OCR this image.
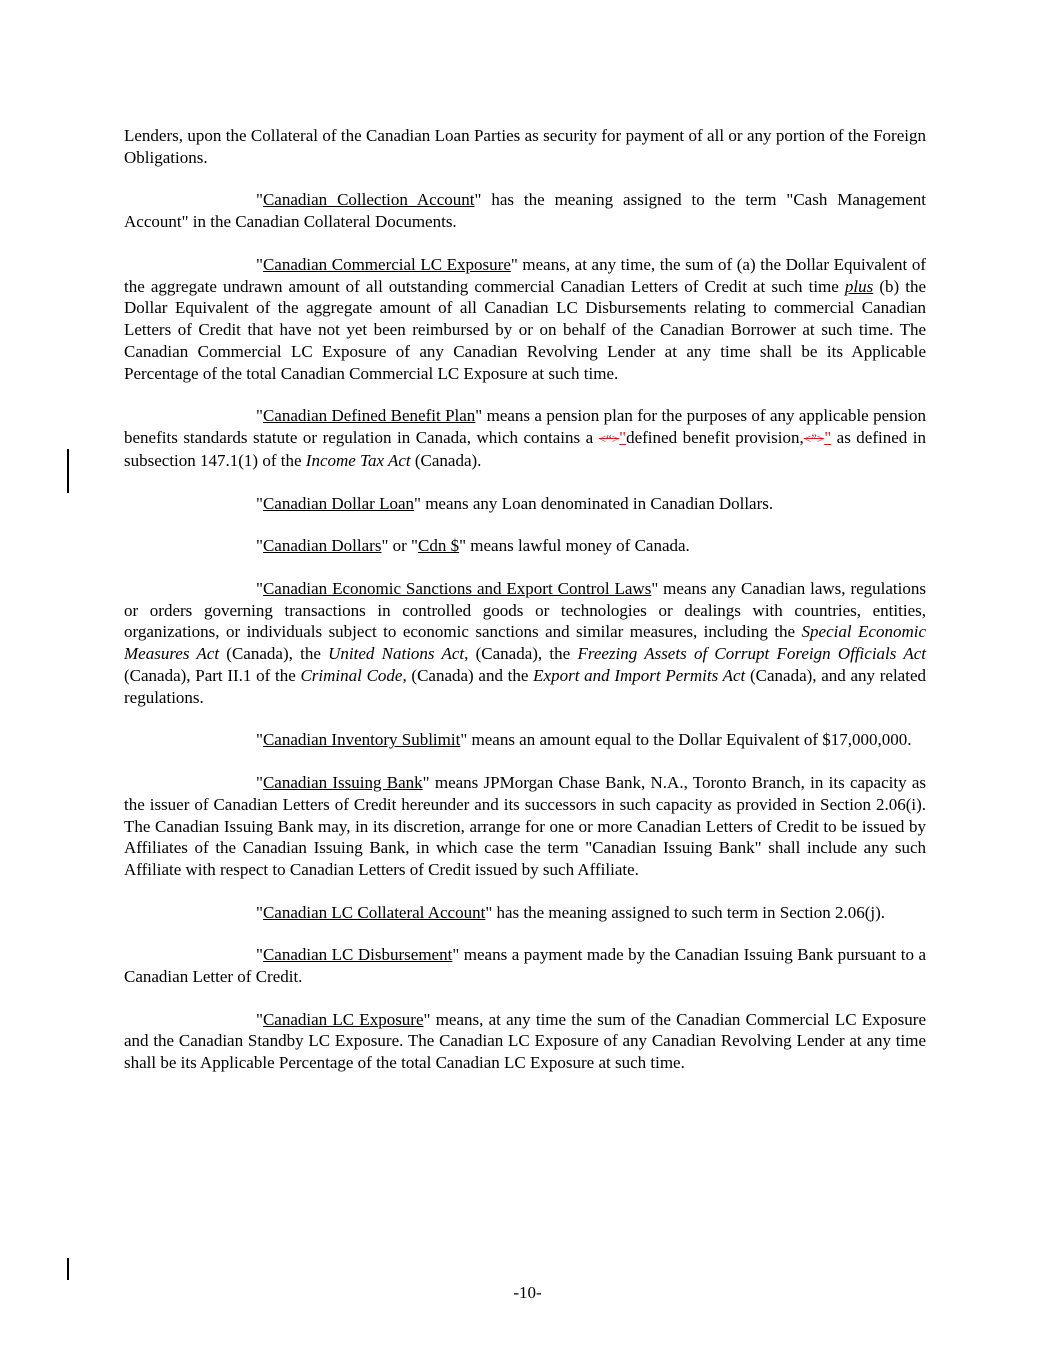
Lenders, upon the Collateral of the Canadian Loan Parties as security for payment of all or any portion of the Foreign Obligations.

"Canadian Collection Account" has the meaning assigned to the term "Cash Management Account" in the Canadian Collateral Documents.

"Canadian Commercial LC Exposure" means, at any time, the sum of (a) the Dollar Equivalent of the aggregate undrawn amount of all outstanding commercial Canadian Letters of Credit at such time plus (b) the Dollar Equivalent of the aggregate amount of all Canadian LC Disbursements relating to commercial Canadian Letters of Credit that have not yet been reimbursed by or on behalf of the Canadian Borrower at such time. The Canadian Commercial LC Exposure of any Canadian Revolving Lender at any time shall be its Applicable Percentage of the total Canadian Commercial LC Exposure at such time.

"Canadian Defined Benefit Plan" means a pension plan for the purposes of any applicable pension benefits standards statute or regulation in Canada, which contains a <“>"defined benefit provision,<”>" as defined in subsection 147.1(1) of the Income Tax Act (Canada).

"Canadian Dollar Loan" means any Loan denominated in Canadian Dollars.

"Canadian Dollars" or "Cdn $" means lawful money of Canada.

"Canadian Economic Sanctions and Export Control Laws" means any Canadian laws, regulations or orders governing transactions in controlled goods or technologies or dealings with countries, entities, organizations, or individuals subject to economic sanctions and similar measures, including the Special Economic Measures Act (Canada), the United Nations Act, (Canada), the Freezing Assets of Corrupt Foreign Officials Act (Canada), Part II.1 of the Criminal Code, (Canada) and the Export and Import Permits Act (Canada), and any related regulations.

"Canadian Inventory Sublimit" means an amount equal to the Dollar Equivalent of $17,000,000.

"Canadian Issuing Bank" means JPMorgan Chase Bank, N.A., Toronto Branch, in its capacity as the issuer of Canadian Letters of Credit hereunder and its successors in such capacity as provided in Section 2.06(i). The Canadian Issuing Bank may, in its discretion, arrange for one or more Canadian Letters of Credit to be issued by Affiliates of the Canadian Issuing Bank, in which case the term "Canadian Issuing Bank" shall include any such Affiliate with respect to Canadian Letters of Credit issued by such Affiliate.

"Canadian LC Collateral Account" has the meaning assigned to such term in Section 2.06(j).

"Canadian LC Disbursement" means a payment made by the Canadian Issuing Bank pursuant to a Canadian Letter of Credit.

"Canadian LC Exposure" means, at any time the sum of the Canadian Commercial LC Exposure and the Canadian Standby LC Exposure. The Canadian LC Exposure of any Canadian Revolving Lender at any time shall be its Applicable Percentage of the total Canadian LC Exposure at such time.

-10-
